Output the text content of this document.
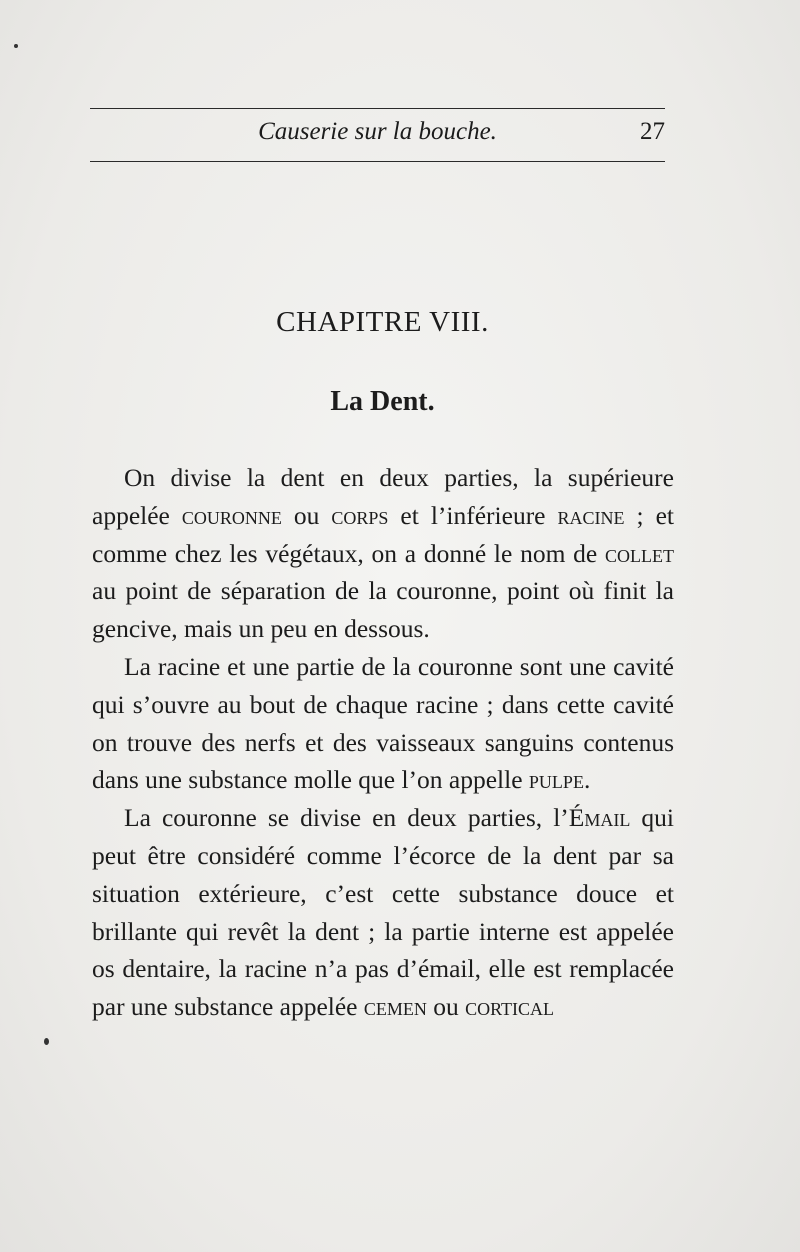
Causerie sur la bouche.	27
CHAPITRE VIII.
La Dent.

On divise la dent en deux parties, la supérieure appelée couronne ou corps et l’inférieure racine ; et comme chez les végétaux, on a donné le nom de collet au point de séparation de la couronne, point où finit la gencive, mais un peu en dessous.

La racine et une partie de la couronne sont une cavité qui s’ouvre au bout de chaque racine ; dans cette cavité on trouve des nerfs et des vaisseaux sanguins contenus dans une substance molle que l’on appelle pulpe.

La couronne se divise en deux parties, l’Émail qui peut être considéré comme l’écorce de la dent par sa situation extérieure, c’est cette substance douce et brillante qui revêt la dent ; la partie interne est appelée os dentaire, la racine n’a pas d’émail, elle est remplacée par une substance appelée cemen ou cortical
